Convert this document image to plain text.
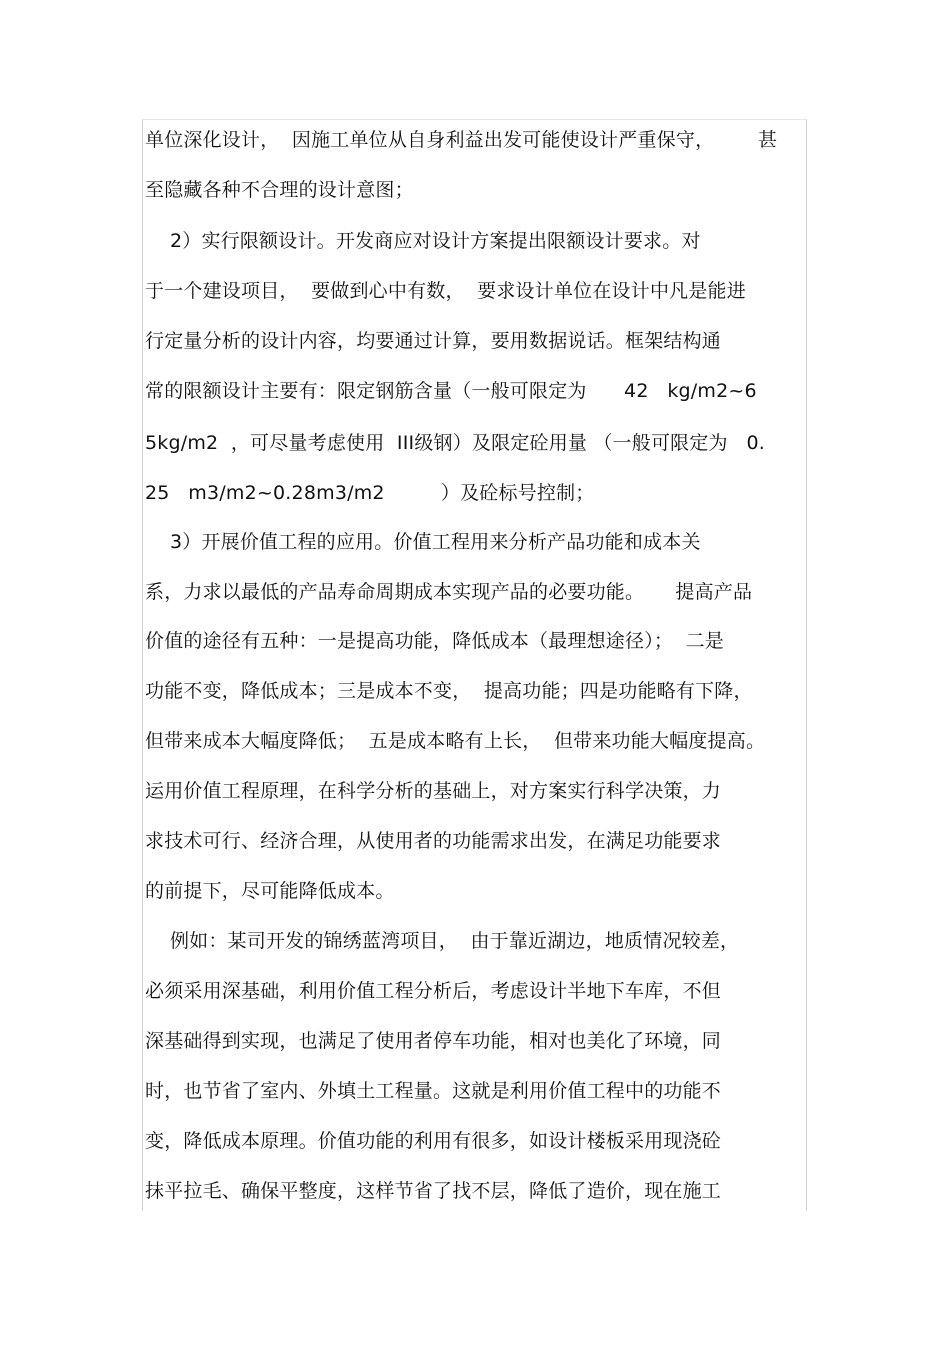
单位深化设计，  因施工单位从自身利益出发可能使设计严重保守，       甚
至隐藏各种不合理的设计意图；
2）实行限额设计。开发商应对设计方案提出限额设计要求。对
于一个建设项目，  要做到心中有数，  要求设计单位在设计中凡是能进
行定量分析的设计内容，均要通过计算，要用数据说话。框架结构通
常的限额设计主要有：限定钢筋含量（一般可限定为      42   kg/m2~6
5kg/m2  ，可尽量考虑使用  III级钢）及限定砼用量 （一般可限定为   0.
25   m3/m2~0.28m3/m2         ）及砼标号控制；
3）开展价值工程的应用。价值工程用来分析产品功能和成本关
系，力求以最低的产品寿命周期成本实现产品的必要功能。     提高产品
价值的途径有五种：一是提高功能，降低成本（最理想途径）；  二是
功能不变，降低成本；三是成本不变，  提高功能；四是功能略有下降，
但带来成本大幅度降低；  五是成本略有上长，  但带来功能大幅度提高。
运用价值工程原理，在科学分析的基础上，对方案实行科学决策，力
求技术可行、经济合理，从使用者的功能需求出发，在满足功能要求
的前提下，尽可能降低成本。
例如：某司开发的锦绣蓝湾项目，  由于靠近湖边，地质情况较差，
必须采用深基础，利用价值工程分析后，考虑设计半地下车库，不但
深基础得到实现，也满足了使用者停车功能，相对也美化了环境，同
时，也节省了室内、外填土工程量。这就是利用价值工程中的功能不
变，降低成本原理。价值功能的利用有很多，如设计楼板采用现浇砼
抹平拉毛、确保平整度，这样节省了找不层，降低了造价，现在施工
